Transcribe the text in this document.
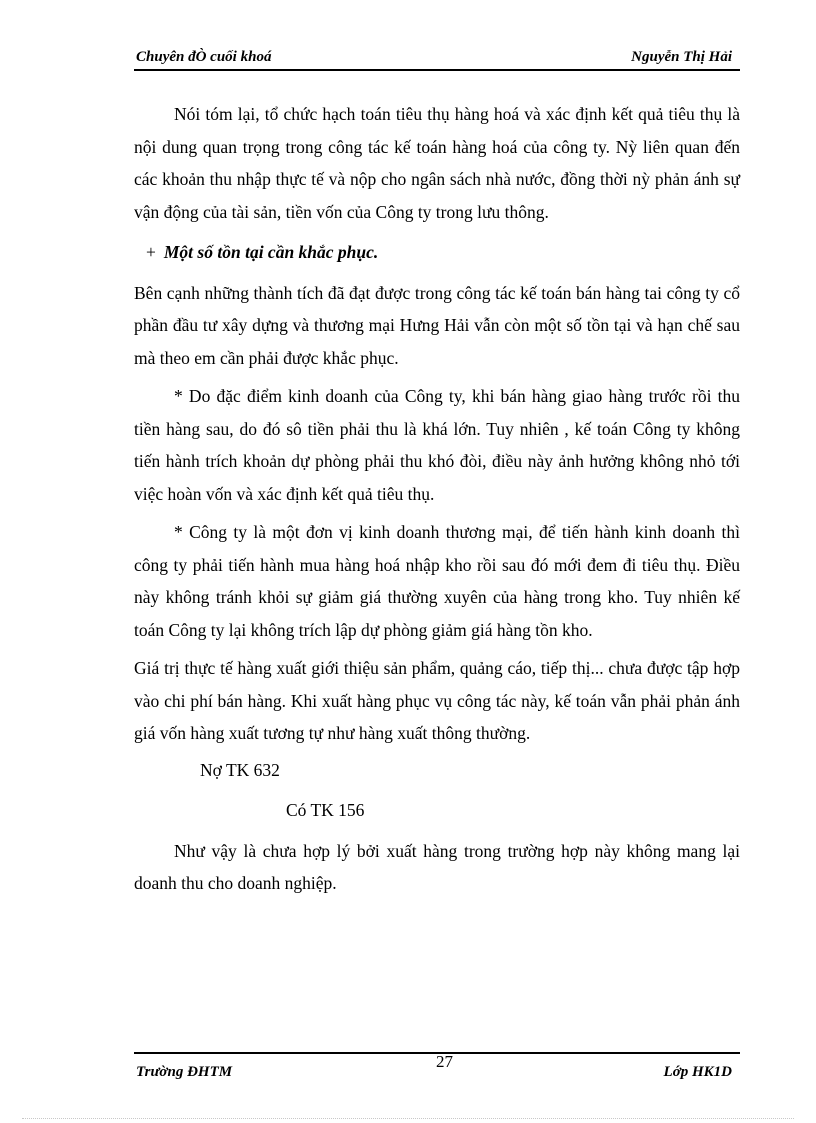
Chuyên đÒ cuối khoá	Nguyễn Thị Hải

Nói tóm lại, tổ chức hạch toán tiêu thụ hàng hoá và xác định kết quả tiêu thụ là nội dung quan trọng trong công tác kế toán hàng hoá của công ty. Nỳ liên quan đến các khoản thu nhập thực tế và nộp cho ngân sách nhà nước, đồng thời nỳ phản ánh sự vận động của tài sản, tiền vốn của Công ty trong lưu thông.

+ Một số tồn tại cần khắc phục.

Bên cạnh những thành tích đã đạt được trong công tác kế toán bán hàng tai công ty cổ phần đầu tư xây dựng và thương mại Hưng Hải vẫn còn một số tồn tại và hạn chế sau mà theo em cần phải được khắc phục.

* Do đặc điểm kinh doanh của Công ty, khi bán hàng giao hàng trước rồi thu tiền hàng sau, do đó sô tiền phải thu là khá lớn. Tuy nhiên , kế toán Công ty không tiến hành trích khoản dự phòng phải thu khó đòi, điều này ảnh hưởng không nhỏ tới việc hoàn vốn và xác định kết quả tiêu thụ.

* Công ty là một đơn vị kinh doanh thương mại, để tiến hành kinh doanh thì công ty phải tiến hành mua hàng hoá nhập kho rồi sau đó mới đem đi tiêu thụ. Điều này không tránh khỏi sự giảm giá thường xuyên của hàng trong kho. Tuy nhiên kế toán Công ty lại không trích lập dự phòng giảm giá hàng tồn kho.

Giá trị thực tế hàng xuất giới thiệu sản phẩm, quảng cáo, tiếp thị... chưa được tập hợp vào chi phí bán hàng. Khi xuất hàng phục vụ công tác này, kế toán vẫn phải phản ánh giá vốn hàng xuất tương tự như hàng xuất thông thường.

Nợ TK 632

Có TK 156

Như vậy là chưa hợp lý bởi xuất hàng trong trường hợp này không mang lại doanh thu cho doanh nghiệp.

Trường ĐHTM
27
Lớp HK1D
